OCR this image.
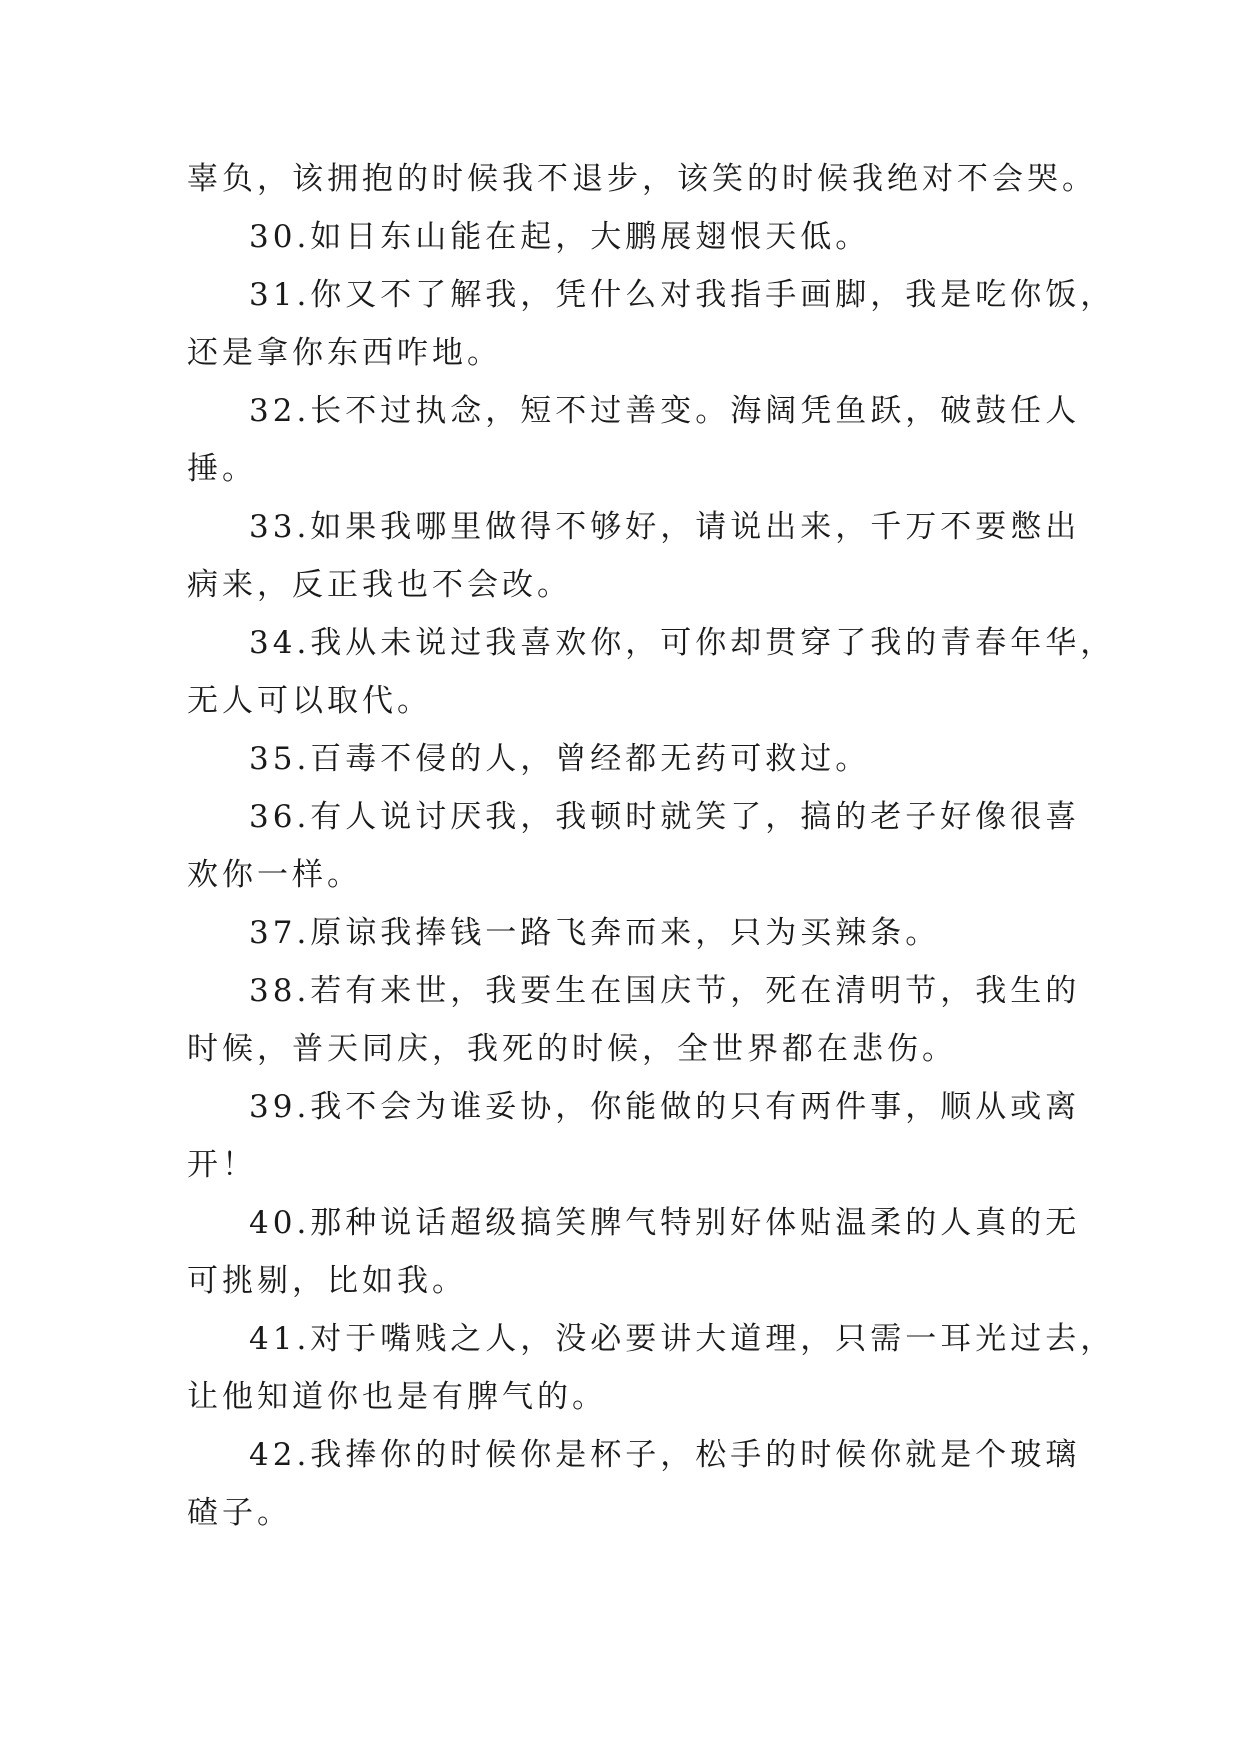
辜负，该拥抱的时候我不退步，该笑的时候我绝对不会哭。

30.如日东山能在起，大鹏展翅恨天低。

31.你又不了解我，凭什么对我指手画脚，我是吃你饭，

还是拿你东西咋地。

32.长不过执念，短不过善变。海阔凭鱼跃，破鼓任人

捶。

33.如果我哪里做得不够好，请说出来，千万不要憋出

病来，反正我也不会改。

34.我从未说过我喜欢你，可你却贯穿了我的青春年华，

无人可以取代。

35.百毒不侵的人，曾经都无药可救过。

36.有人说讨厌我，我顿时就笑了，搞的老子好像很喜

欢你一样。

37.原谅我捧钱一路飞奔而来，只为买辣条。

38.若有来世，我要生在国庆节，死在清明节，我生的

时候，普天同庆，我死的时候，全世界都在悲伤。

39.我不会为谁妥协，你能做的只有两件事，顺从或离

开！

40.那种说话超级搞笑脾气特别好体贴温柔的人真的无

可挑剔，比如我。

41.对于嘴贱之人，没必要讲大道理，只需一耳光过去，

让他知道你也是有脾气的。

42.我捧你的时候你是杯子，松手的时候你就是个玻璃

碴子。
